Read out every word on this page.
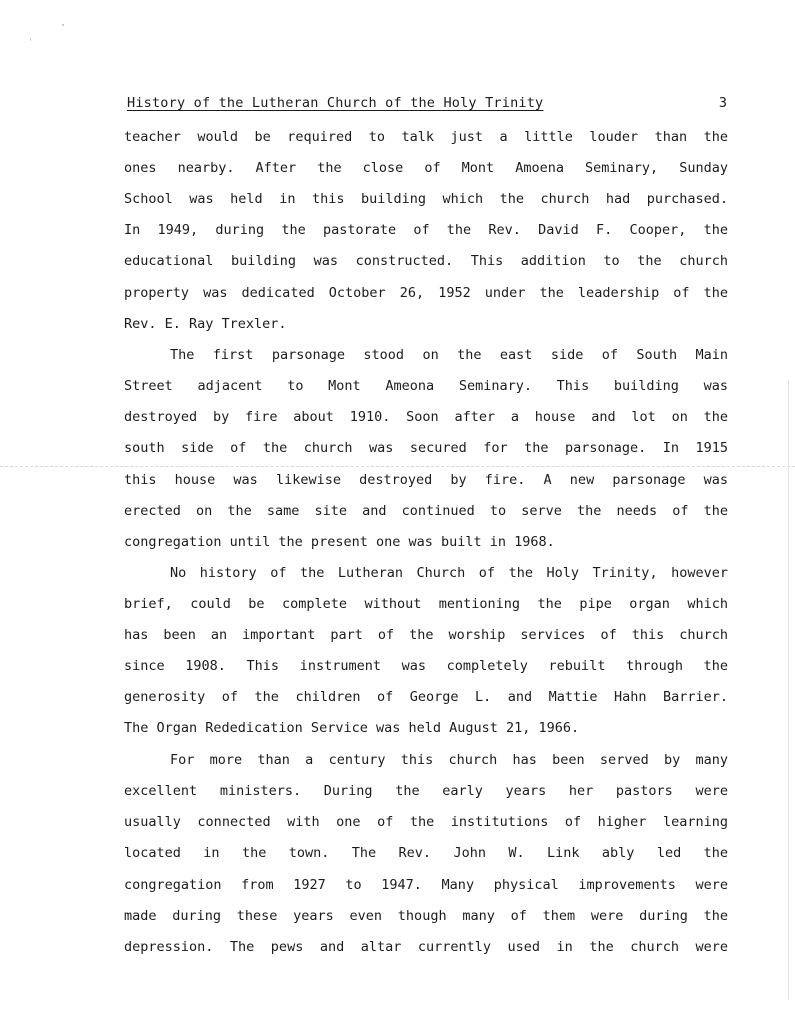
History of the Lutheran Church of the Holy Trinity	3
teacher would be required to talk just a little louder than the
ones nearby. After the close of Mont Amoena Seminary, Sunday
School was held in this building which the church had purchased.
In 1949, during the pastorate of the Rev. David F. Cooper, the
educational building was constructed. This addition to the church
property was dedicated October 26, 1952 under the leadership of the
Rev. E. Ray Trexler.
The first parsonage stood on the east side of South Main
Street adjacent to Mont Ameona Seminary. This building was
destroyed by fire about 1910. Soon after a house and lot on the
south side of the church was secured for the parsonage. In 1915
this house was likewise destroyed by fire. A new parsonage was
erected on the same site and continued to serve the needs of the
congregation until the present one was built in 1968.
No history of the Lutheran Church of the Holy Trinity, however
brief, could be complete without mentioning the pipe organ which
has been an important part of the worship services of this church
since 1908. This instrument was completely rebuilt through the
generosity of the children of George L. and Mattie Hahn Barrier.
The Organ Rededication Service was held August 21, 1966.
For more than a century this church has been served by many
excellent ministers. During the early years her pastors were
usually connected with one of the institutions of higher learning
located in the town. The Rev. John W. Link ably led the
congregation from 1927 to 1947. Many physical improvements were
made during these years even though many of them were during the
depression. The pews and altar currently used in the church were
